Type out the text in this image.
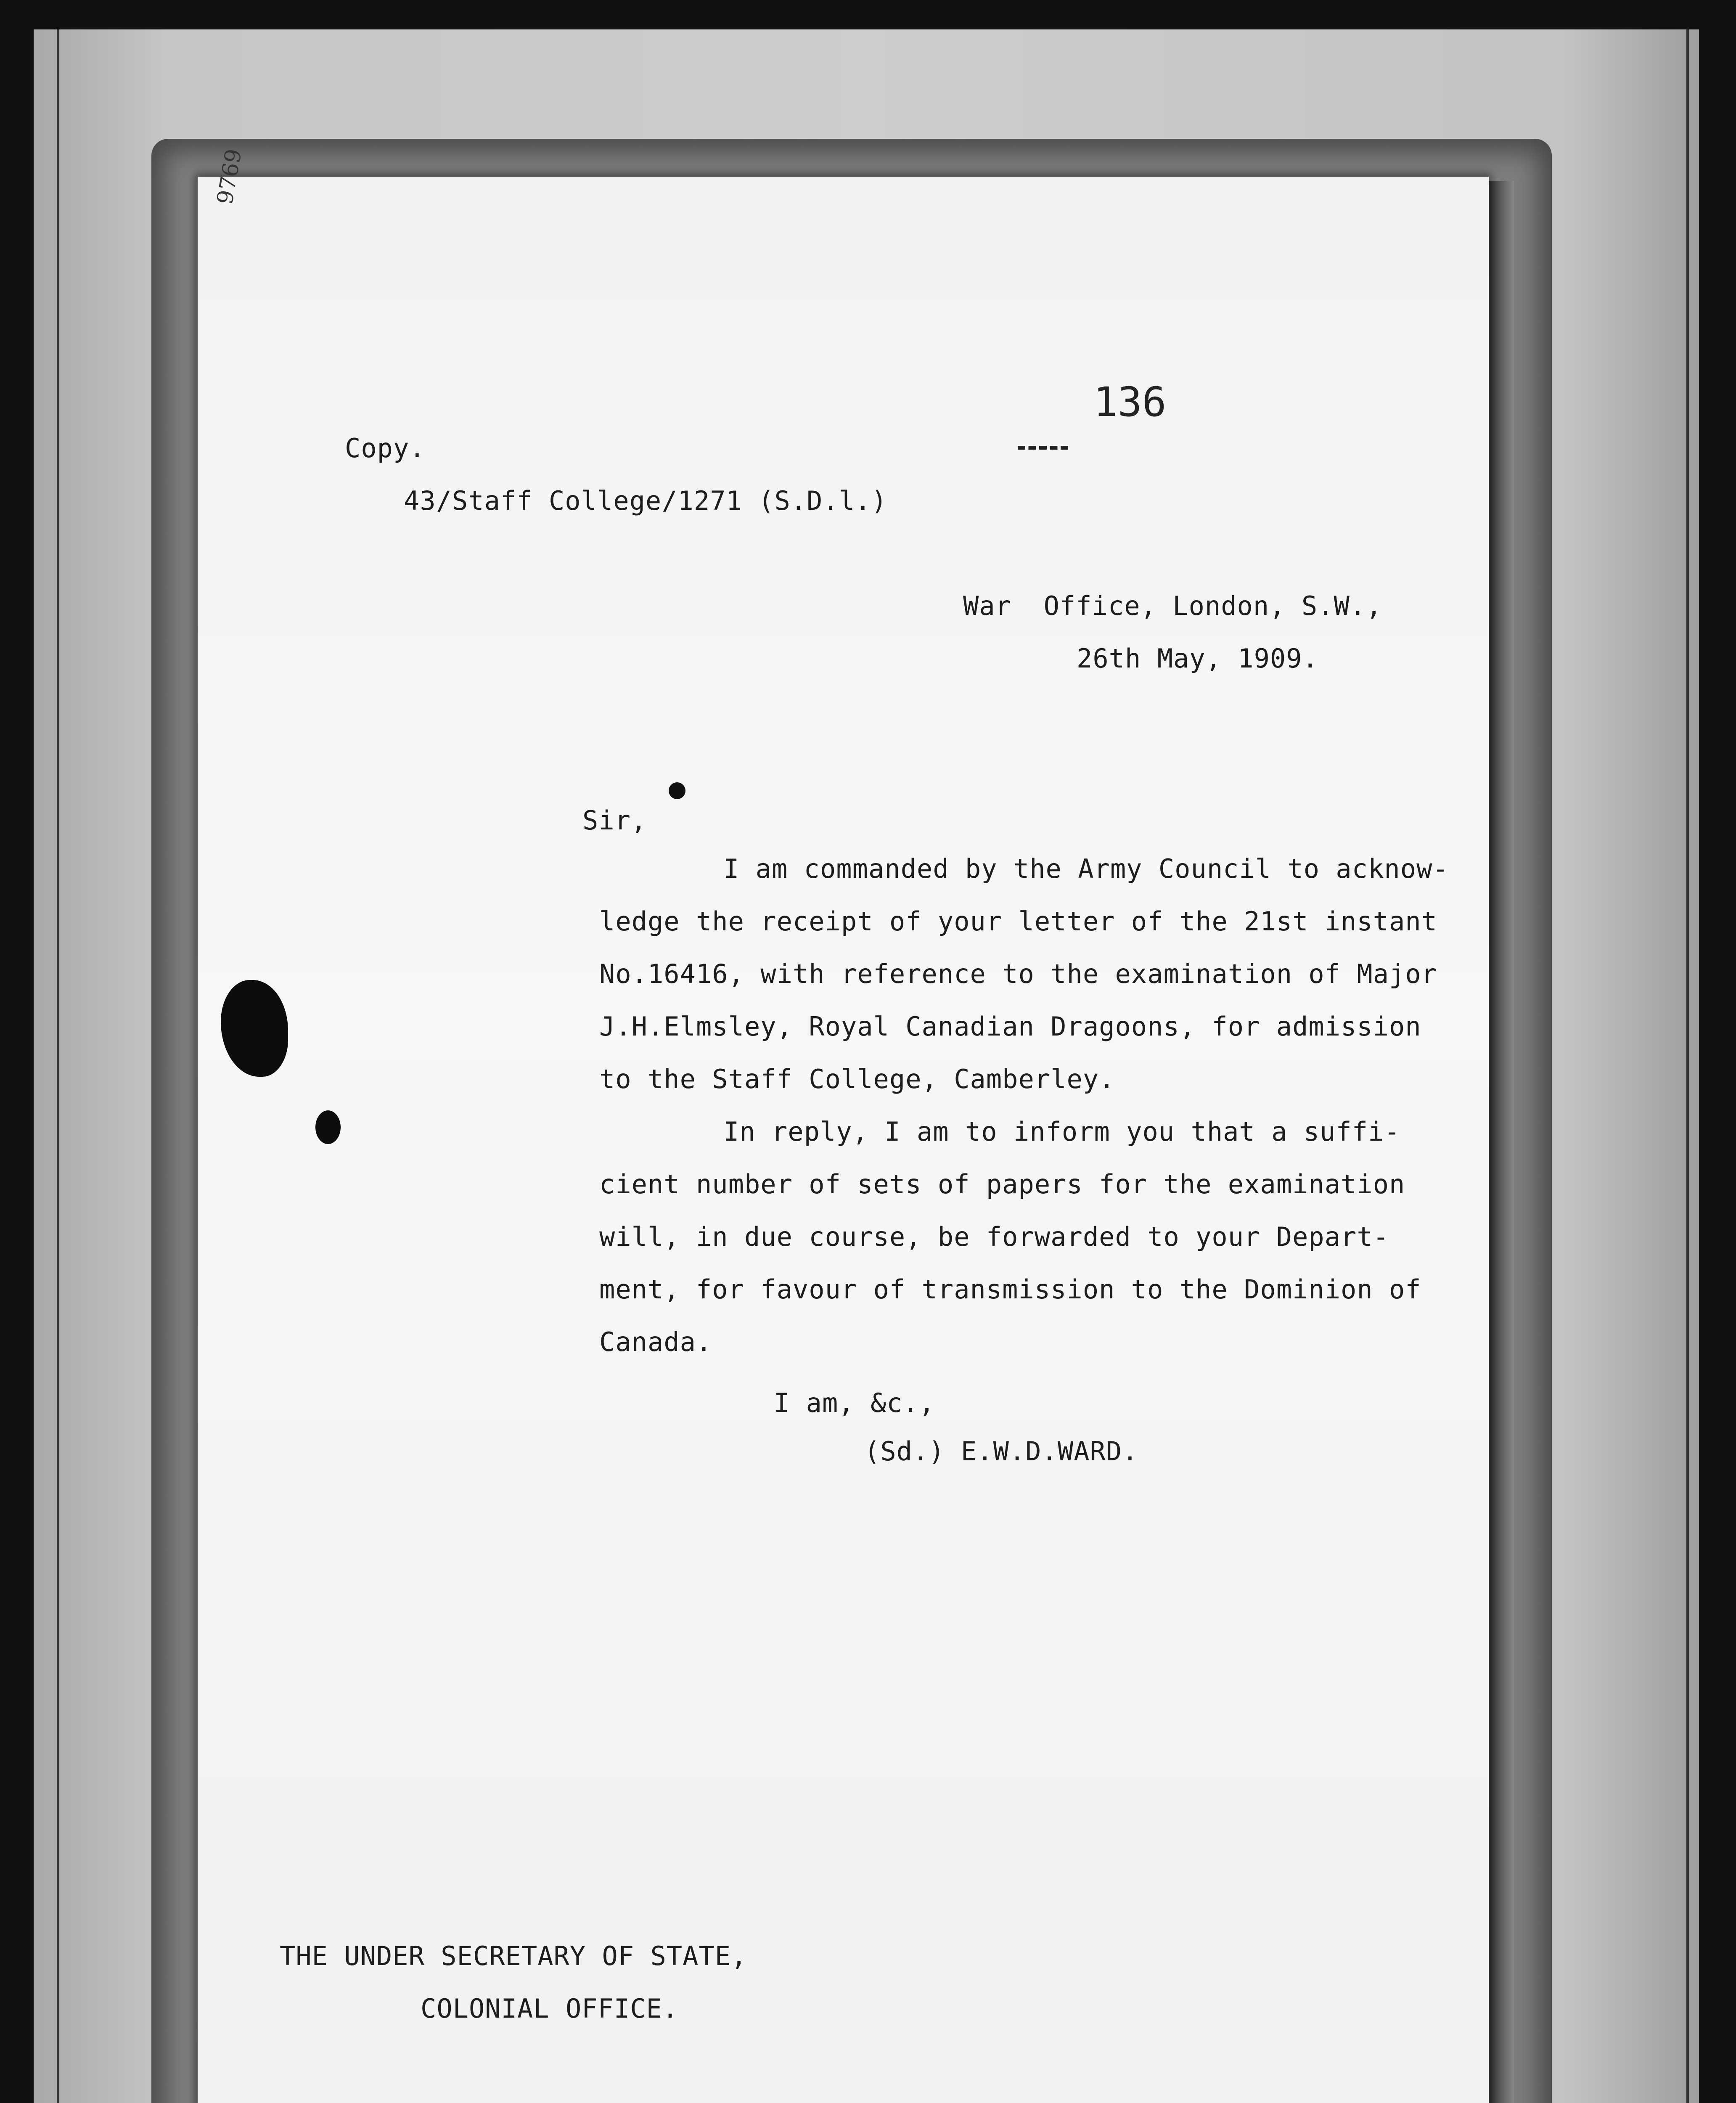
9769
136
Copy.
43/Staff College/1271 (S.D.l.)
War  Office, London, S.W.,
26th May, 1909.
Sir,
I am commanded by the Army Council to acknow-
ledge the receipt of your letter of the 21st instant
No.16416, with reference to the examination of Major
J.H.Elmsley, Royal Canadian Dragoons, for admission
to the Staff College, Camberley.
In reply, I am to inform you that a suffi-
cient number of sets of papers for the examination
will, in due course, be forwarded to your Depart-
ment, for favour of transmission to the Dominion of
Canada.
I am, &c.,
(Sd.) E.W.D.WARD.
THE UNDER SECRETARY OF STATE,
COLONIAL OFFICE.
